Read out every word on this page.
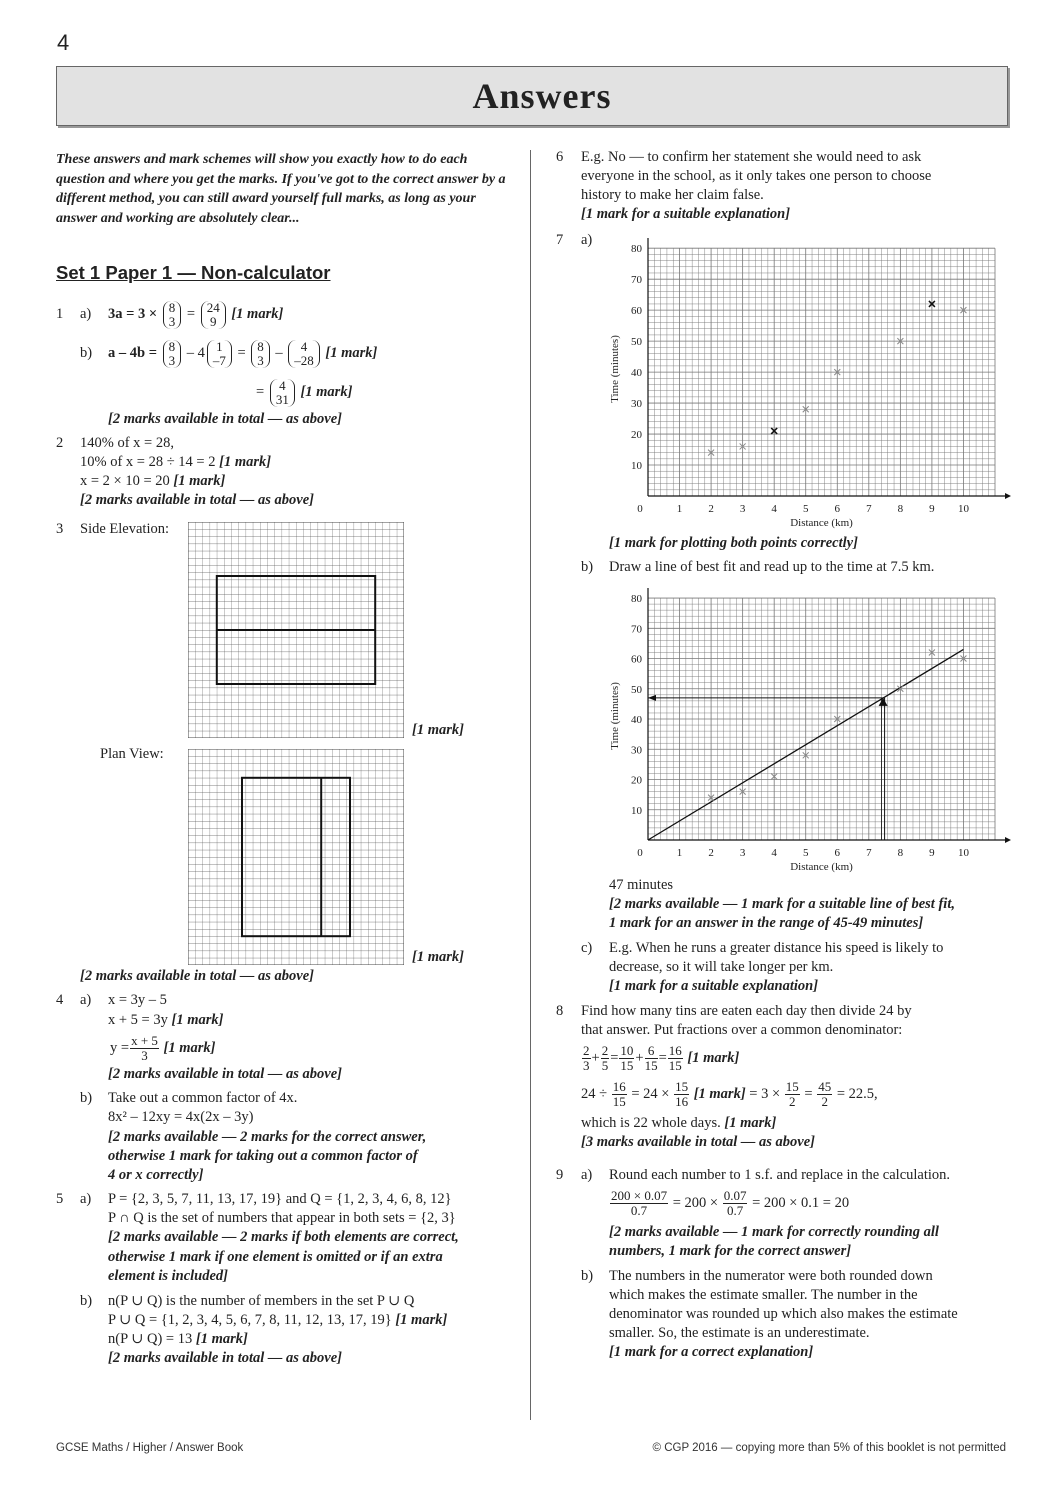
4
Answers
These answers and mark schemes will show you exactly how to do each question and where you get the marks. If you've got to the correct answer by a different method, you can still award yourself full marks, as long as your answer and working are absolutely clear...
Set 1 Paper 1 — Non-calculator
1 a) 3a = 3 × 8
3 = 24
9 [1 mark]
b) a – 4b = 8
3 – 4 1
–7 = 8
3 –	4
–28 [1 mark]
= 4
31 [1 mark]
[2 marks available in total — as above]
2 140% of x = 28,
10% of x = 28 ÷ 14 = 2 [1 mark]
x = 2 × 10 = 20 [1 mark]
[2 marks available in total — as above]
3 Side Elevation:
[1 mark]
Plan View:
[1 mark]
[2 marks available in total — as above]
4 a) x = 3y – 5
x + 5 = 3y [1 mark]
$y = \frac{x + 5}{3} [1$ mark]
[2 marks available in total — as above]
b) Take out a common factor of 4x.
8x² – 12xy = 4x(2x – 3y)
[2 marks available — 2 marks for the correct answer,
otherwise 1 mark for taking out a common factor of
4 or x correctly]
5 a) P = {2, 3, 5, 7, 11, 13, 17, 19} and Q = {1, 2, 3, 4, 6, 8, 12}
P ∩ Q is the set of numbers that appear in both sets = {2, 3}
[2 marks available — 2 marks if both elements are correct,
otherwise 1 mark if one element is omitted or if an extra
element is included]
b) n(P ∪ Q) is the number of members in the set P ∪ Q
P ∪ Q = {1, 2, 3, 4, 5, 6, 7, 8, 11, 12, 13, 17, 19} [1 mark]
n(P ∪ Q) = 13 [1 mark]
[2 marks available in total — as above]
6 E.g. No — to confirm her statement she would need to ask
everyone in the school, as it only takes one person to choose
history to make her claim false.
[1 mark for a suitable explanation]
7 a)
0	1 2 3 4 5 6 7 8 9 10
10
20
30
40
50
60
70
80
Distance (km)
Time (minutes)
[1 mark for plotting both points correctly]
b) Draw a line of best fit and read up to the time at 7.5 km.
0	1 2 3 4 5 6 7 8 9 10
10
20
30
40
50
60
70
80
Distance (km)
Time (minutes)
47 minutes
[2 marks available — 1 mark for a suitable line of best fit,
1 mark for an answer in the range of 45-49 minutes]
c) E.g. When he runs a greater distance his speed is likely to
decrease, so it will take longer per km.
[1 mark for a suitable explanation]
8 Find how many tins are eaten each day then divide 24 by
that answer. Put fractions over a common denominator:
$\frac{2}{3} + \frac{2}{5} = \frac{10}{15} + \frac{6}{15} = \frac{16}{15} [1$ mark]
$24 \div \frac{16}{15} = 24 \times \frac{15}{16} [1$ mark] = $3 \times \frac{15}{2} = \frac{45}{2} = 22.5$,
which is 22 whole days. [1 mark]
[3 marks available in total — as above]
9 a) Round each number to 1 s.f. and replace in the calculation.
$\frac{200 \times 0.07}{0.7} = 200 \times \frac{0.07}{0.7} = 200 \times 0.1 = 20$
[2 marks available — 1 mark for correctly rounding all
numbers, 1 mark for the correct answer]
b) The numbers in the numerator were both rounded down
which makes the estimate smaller. The number in the
denominator was rounded up which also makes the estimate
smaller. So, the estimate is an underestimate.
[1 mark for a correct explanation]
GCSE Maths / Higher / Answer Book	© CGP 2016 — copying more than 5% of this booklet is not permitted
